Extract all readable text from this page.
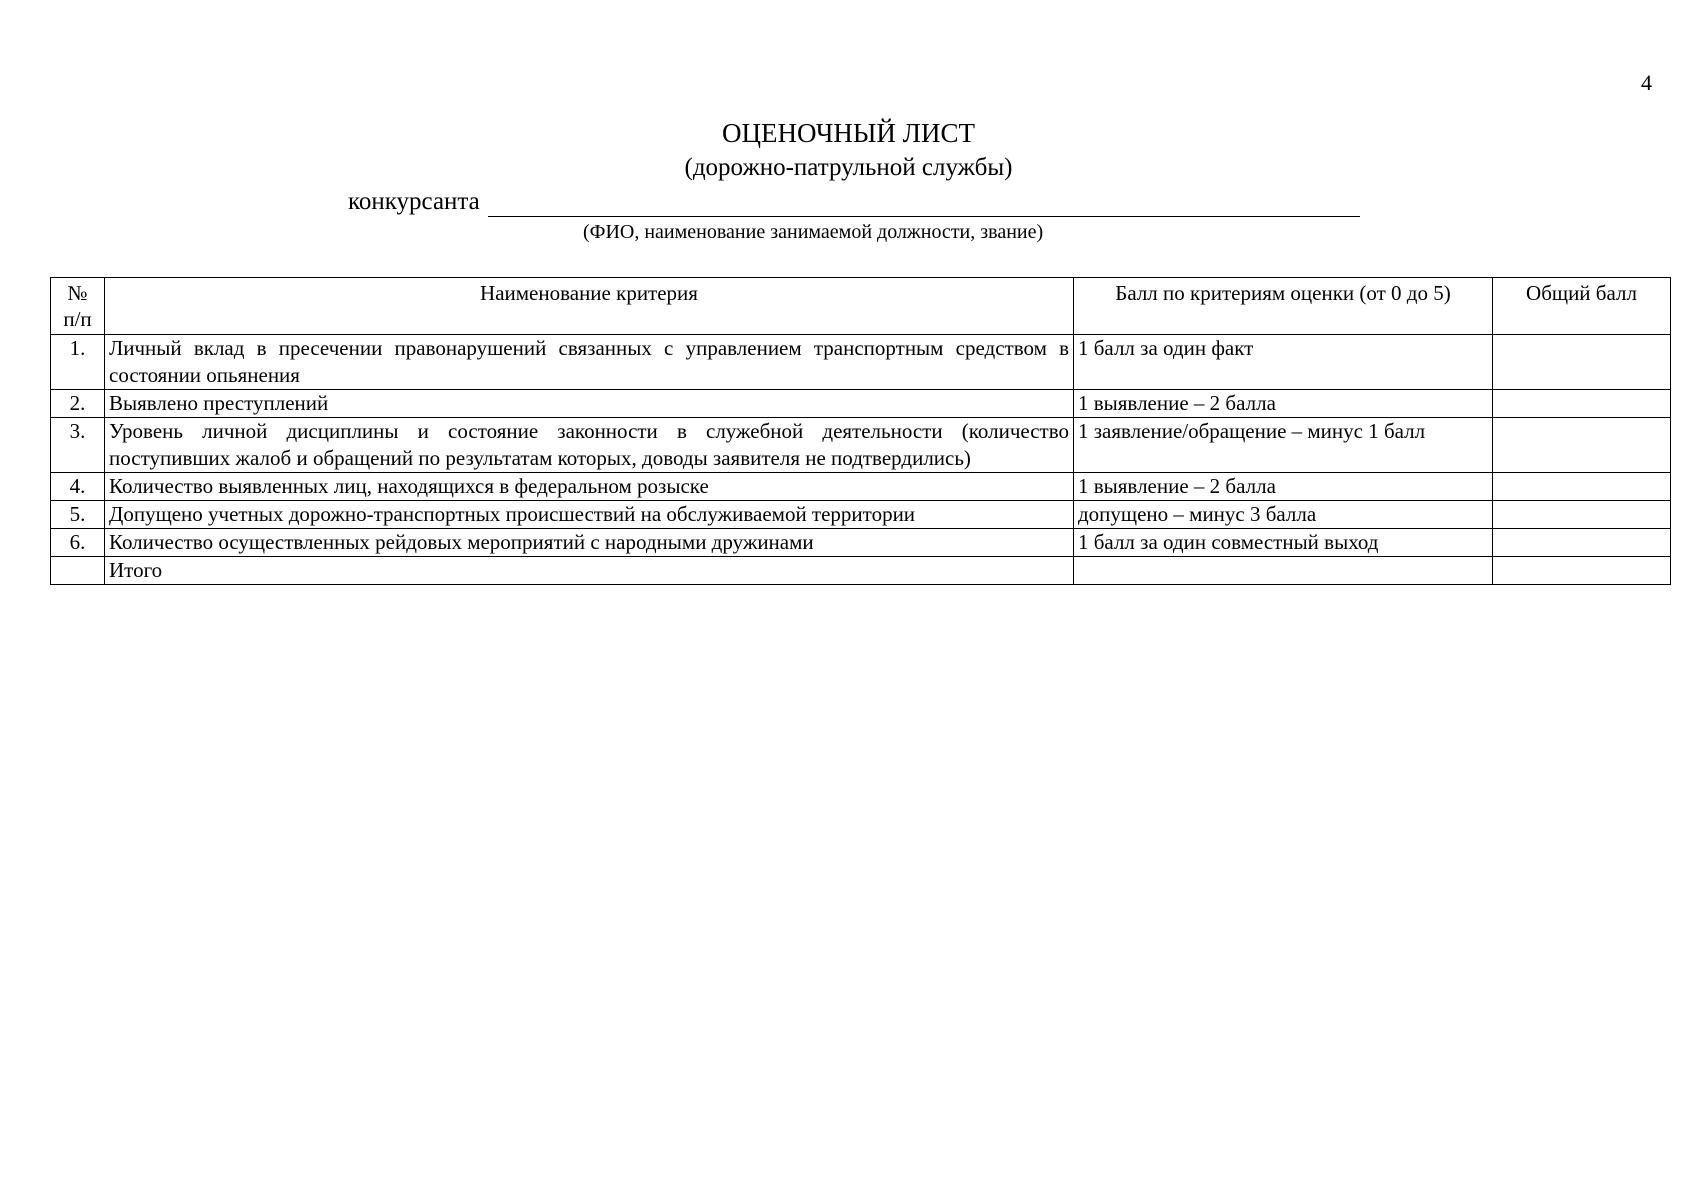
4
ОЦЕНОЧНЫЙ ЛИСТ
(дорожно-патрульной службы)
конкурсанта
(ФИО, наименование занимаемой должности, звание)
№
п/п	Наименование критерия	Балл по критериям оценки (от 0 до 5)	Общий балл
1.	Личный вклад в пресечении правонарушений связанных с управлением транспортным средством в состоянии опьянения	1 балл за один факт	
2.	Выявлено преступлений	1 выявление – 2 балла	
3.	Уровень личной дисциплины и состояние законности в служебной деятельности (количество поступивших жалоб и обращений по результатам которых, доводы заявителя не подтвердились)	1 заявление/обращение – минус 1 балл	
4.	Количество выявленных лиц, находящихся в федеральном розыске	1 выявление – 2 балла	
5.	Допущено учетных дорожно-транспортных происшествий на обслуживаемой территории	допущено – минус 3 балла	
6.	Количество осуществленных рейдовых мероприятий с народными дружинами	1 балл за один совместный выход	
	Итого		
